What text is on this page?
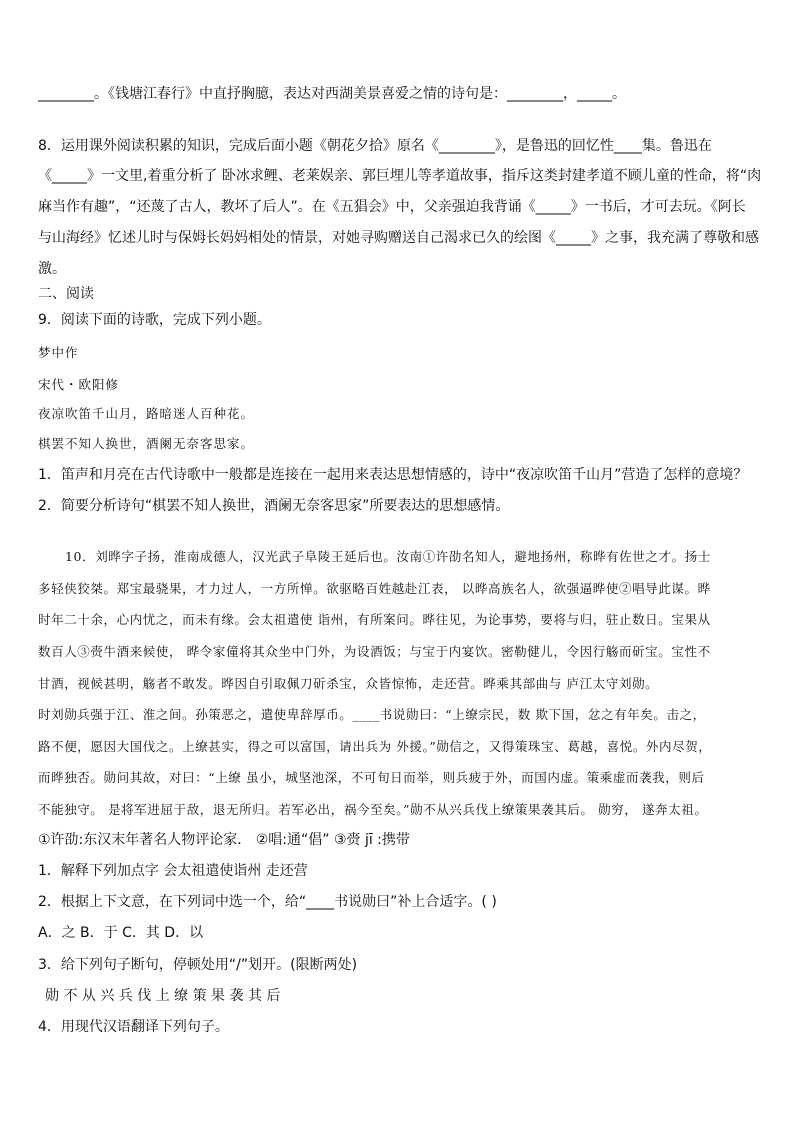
________。《钱塘江春行》中直抒胸臆，表达对西湖美景喜爱之情的诗句是：________，_____。
8．运用课外阅读积累的知识，完成后面小题《朝花夕拾》原名《________》，是鲁迅的回忆性____集。鲁迅在
《_____》一文里,着重分析了 卧冰求鲤、老莱娱亲、郭巨埋儿等孝道故事，指斥这类封建孝道不顾儿童的性命，将“肉
麻当作有趣”，“还蔑了古人，教坏了后人”。在《五猖会》中，父亲强迫我背诵《_____》一书后，才可去玩。《阿长
与山海经》忆述儿时与保姆长妈妈相处的情景，对她寻购赠送自己渴求已久的绘图《_____》之事，我充满了尊敬和感
激。
二、阅读
9．阅读下面的诗歌，完成下列小题。
梦中作
宋代・欧阳修
夜凉吹笛千山月，路暗迷人百种花。
棋罢不知人换世，酒阑无奈客思家。
1．笛声和月亮在古代诗歌中一般都是连接在一起用来表达思想情感的，诗中“夜凉吹笛千山月”营造了怎样的意境？
2．简要分析诗句“棋罢不知人换世，酒阑无奈客思家”所要表达的思想感情。
10．刘晔字子扬，淮南成德人，汉光武子阜陵王延后也。汝南①许劭名知人，避地扬州，称晔有佐世之才。扬士
多轻侠狡桀。郑宝最骁果，才力过人，一方所惮。欲驱略百姓越赴江表， 以晔高族名人，欲强逼晔使②唱导此谋。晔
时年二十余，心内忧之，而未有缘。会太祖遣使 诣州，有所案问。晔往见，为论事势，要将与归，驻止数日。宝果从
数百人③赍牛酒来候使， 晔令家僮将其众坐中门外，为设酒饭；与宝于内宴饮。密勒健儿，令因行觞而斫宝。宝性不
甘酒，视候甚明，觞者不敢发。晔因自引取佩刀斫杀宝，众皆惊怖，走还营。晔乘其部曲与 庐江太守刘勋。
时刘勋兵强于江、淮之间。孙策恶之，遣使卑辞厚币。____书说勋曰：“上缭宗民，数 欺下国，忿之有年矣。击之，
路不便，愿因大国伐之。上缭甚实，得之可以富国，请出兵为 外援。”勋信之，又得策珠宝、葛越，喜悦。外内尽贺，
而晔独否。勋问其故，对曰：“上缭 虽小，城坚池深，不可旬日而举，则兵疲于外，而国内虚。策乘虚而袭我，则后
不能独守。 是将军进屈于敌，退无所归。若军必出，祸今至矣。”勋不从兴兵伐上缭策果袭其后。 勋穷， 遂奔太祖。
①许劭:东汉末年著名人物评论家． ②唱:通“倡” ③赍 jī :携带
1．解释下列加点字 会太祖遣使诣州 走还营
2．根据上下文意，在下列词中选一个，给“____书说勋曰”补上合适字。( )
A．之 B．于 C．其 D．以
3．给下列句子断句，停顿处用“/”划开。(限断两处)
勋 不 从 兴 兵 伐 上 缭 策 果 袭 其 后
4．用现代汉语翻译下列句子。
